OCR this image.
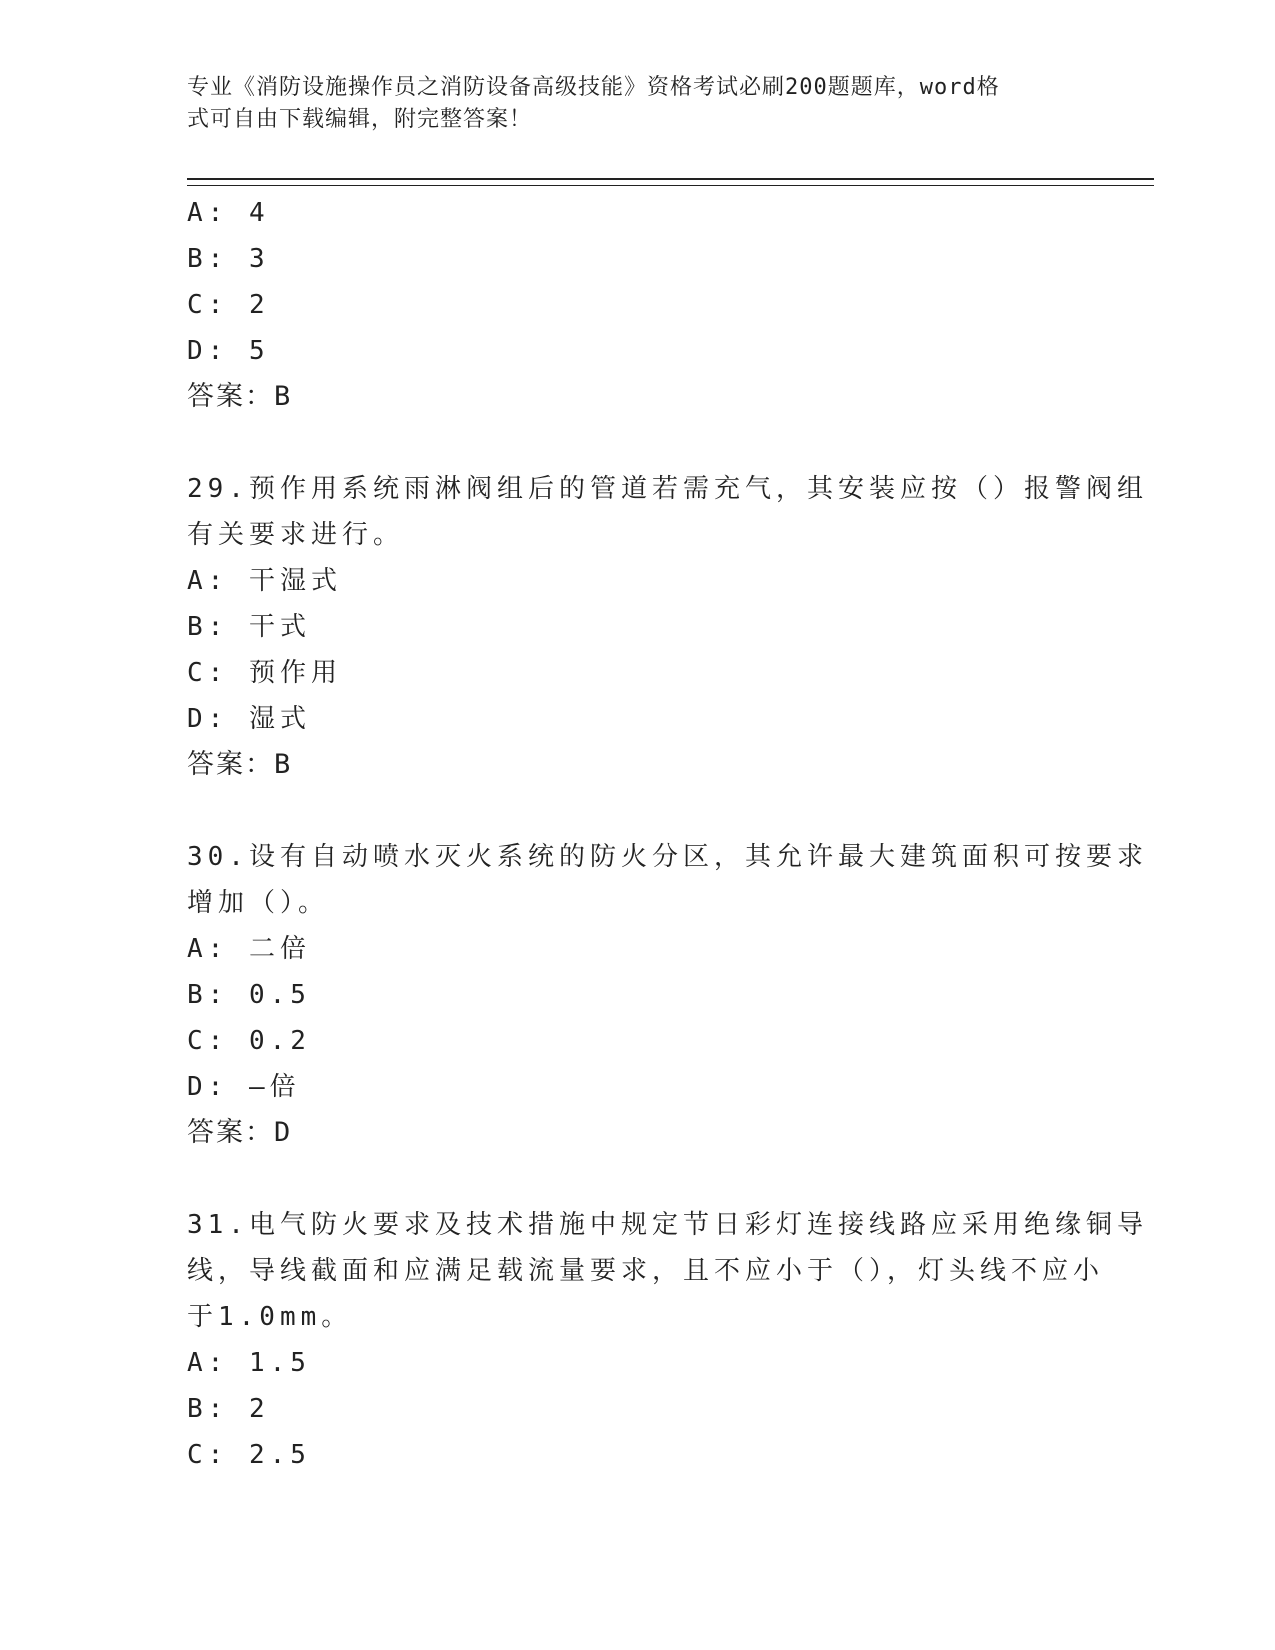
专业《消防设施操作员之消防设备高级技能》资格考试必刷200题题库，word格
式可自由下载编辑，附完整答案！
A: 4
B: 3
C: 2
D: 5
答案：B
29.预作用系统雨淋阀组后的管道若需充气，其安装应按（）报警阀组
有关要求进行。
A: 干湿式
B: 干式
C: 预作用
D: 湿式
答案：B
30.设有自动喷水灭火系统的防火分区，其允许最大建筑面积可按要求
增加（）。
A: 二倍
B: 0.5
C: 0.2
D: —倍
答案：D
31.电气防火要求及技术措施中规定节日彩灯连接线路应采用绝缘铜导
线，导线截面和应满足载流量要求，且不应小于（），灯头线不应小
于1.0mm。
A: 1.5
B: 2
C: 2.5
